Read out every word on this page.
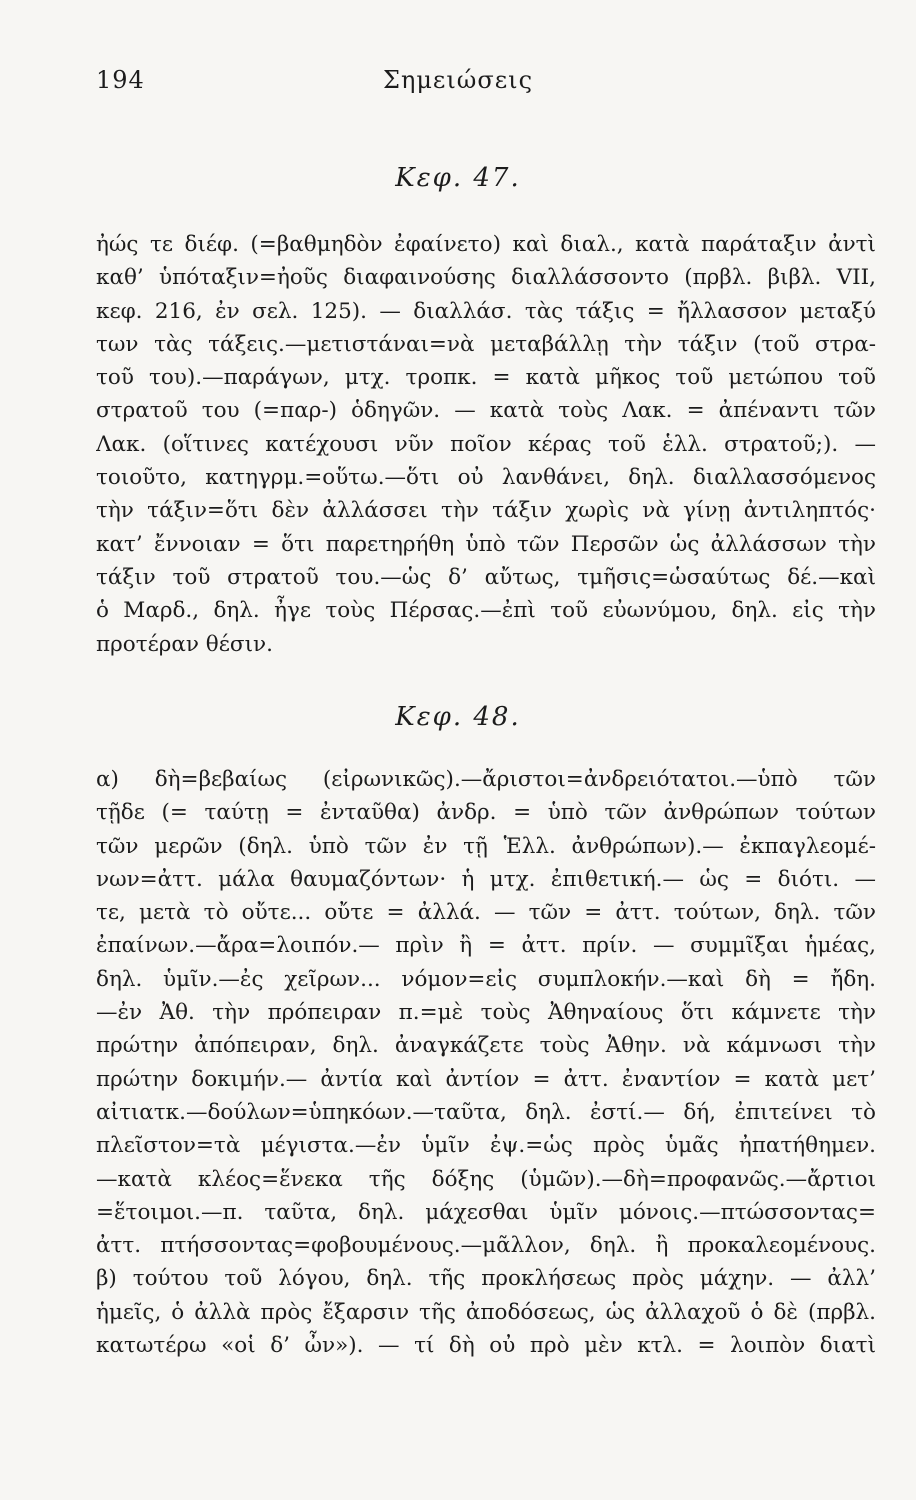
194	Σημειώσεις
Κεφ. 47.
ἠώς τε διέφ. (=βαθμηδὸν ἐφαίνετο) καὶ διαλ., κατὰ παράταξιν ἀντὶ
καθ’ ὑπόταξιν=ἠοῦς διαφαινούσης διαλλάσσοντο (πρβλ. βιβλ. VII,
κεφ. 216, ἐν σελ. 125). — διαλλάσ. τὰς τάξις = ἤλλασσον μεταξύ
των τὰς τάξεις.—μετιστάναι=νὰ μεταβάλλῃ τὴν τάξιν (τοῦ στρα-
τοῦ του).—παράγων, μτχ. τροπκ. = κατὰ μῆκος τοῦ μετώπου τοῦ
στρατοῦ του (=παρ-) ὁδηγῶν. — κατὰ τοὺς Λακ. = ἀπέναντι τῶν
Λακ. (οἵτινες κατέχουσι νῦν ποῖον κέρας τοῦ ἑλλ. στρατοῦ;). —
τοιοῦτο, κατηγρμ.=οὕτω.—ὅτι οὐ λανθάνει, δηλ. διαλλασσόμενος
τὴν τάξιν=ὅτι δὲν ἀλλάσσει τὴν τάξιν χωρὶς νὰ γίνῃ ἀντιληπτός·
κατ’ ἔννοιαν = ὅτι παρετηρήθη ὑπὸ τῶν Περσῶν ὡς ἀλλάσσων τὴν
τάξιν τοῦ στρατοῦ του.—ὡς δ’ αὔτως, τμῆσις=ὡσαύτως δέ.—καὶ
ὁ Μαρδ., δηλ. ἦγε τοὺς Πέρσας.—ἐπὶ τοῦ εὐωνύμου, δηλ. εἰς τὴν
προτέραν θέσιν.
Κεφ. 48.
α) δὴ=βεβαίως (εἰρωνικῶς).—ἄριστοι=ἀνδρειότατοι.—ὑπὸ τῶν
τῇδε (= ταύτῃ = ἐνταῦθα) ἀνδρ. = ὑπὸ τῶν ἀνθρώπων τούτων
τῶν μερῶν (δηλ. ὑπὸ τῶν ἐν τῇ Ἑλλ. ἀνθρώπων).— ἐκπαγλεομέ-
νων=ἀττ. μάλα θαυμαζόντων· ἡ μτχ. ἐπιθετική.— ὡς = διότι. —
τε, μετὰ τὸ οὔτε... οὔτε = ἀλλά. — τῶν = ἀττ. τούτων, δηλ. τῶν
ἐπαίνων.—ἄρα=λοιπόν.— πρὶν ἢ = ἀττ. πρίν. — συμμῖξαι ἡμέας,
δηλ. ὑμῖν.—ἐς χεῖρων... νόμον=εἰς συμπλοκήν.—καὶ δὴ = ἤδη.
—ἐν Ἀθ. τὴν πρόπειραν π.=μὲ τοὺς Ἀθηναίους ὅτι κάμνετε τὴν
πρώτην ἀπόπειραν, δηλ. ἀναγκάζετε τοὺς Ἀθην. νὰ κάμνωσι τὴν
πρώτην δοκιμήν.— ἀντία καὶ ἀντίον = ἀττ. ἐναντίον = κατὰ μετ’
αἰτιατκ.—δούλων=ὑπηκόων.—ταῦτα, δηλ. ἐστί.— δή, ἐπιτείνει τὸ
πλεῖστον=τὰ μέγιστα.—ἐν ὑμῖν ἐψ.=ὡς πρὸς ὑμᾶς ἠπατήθημεν.
—κατὰ κλέος=ἕνεκα τῆς δόξης (ὑμῶν).—δὴ=προφανῶς.—ἄρτιοι
=ἕτοιμοι.—π. ταῦτα, δηλ. μάχεσθαι ὑμῖν μόνοις.—πτώσσοντας=
ἀττ. πτήσσοντας=φοβουμένους.—μᾶλλον, δηλ. ἢ προκαλεομένους.
β) τούτου τοῦ λόγου, δηλ. τῆς προκλήσεως πρὸς μάχην. — ἀλλ’
ἡμεῖς, ὁ ἀλλὰ πρὸς ἔξαρσιν τῆς ἀποδόσεως, ὡς ἀλλαχοῦ ὁ δὲ (πρβλ.
κατωτέρω «οἱ δ’ ὦν»). — τί δὴ οὐ πρὸ μὲν κτλ. = λοιπὸν διατὶ
